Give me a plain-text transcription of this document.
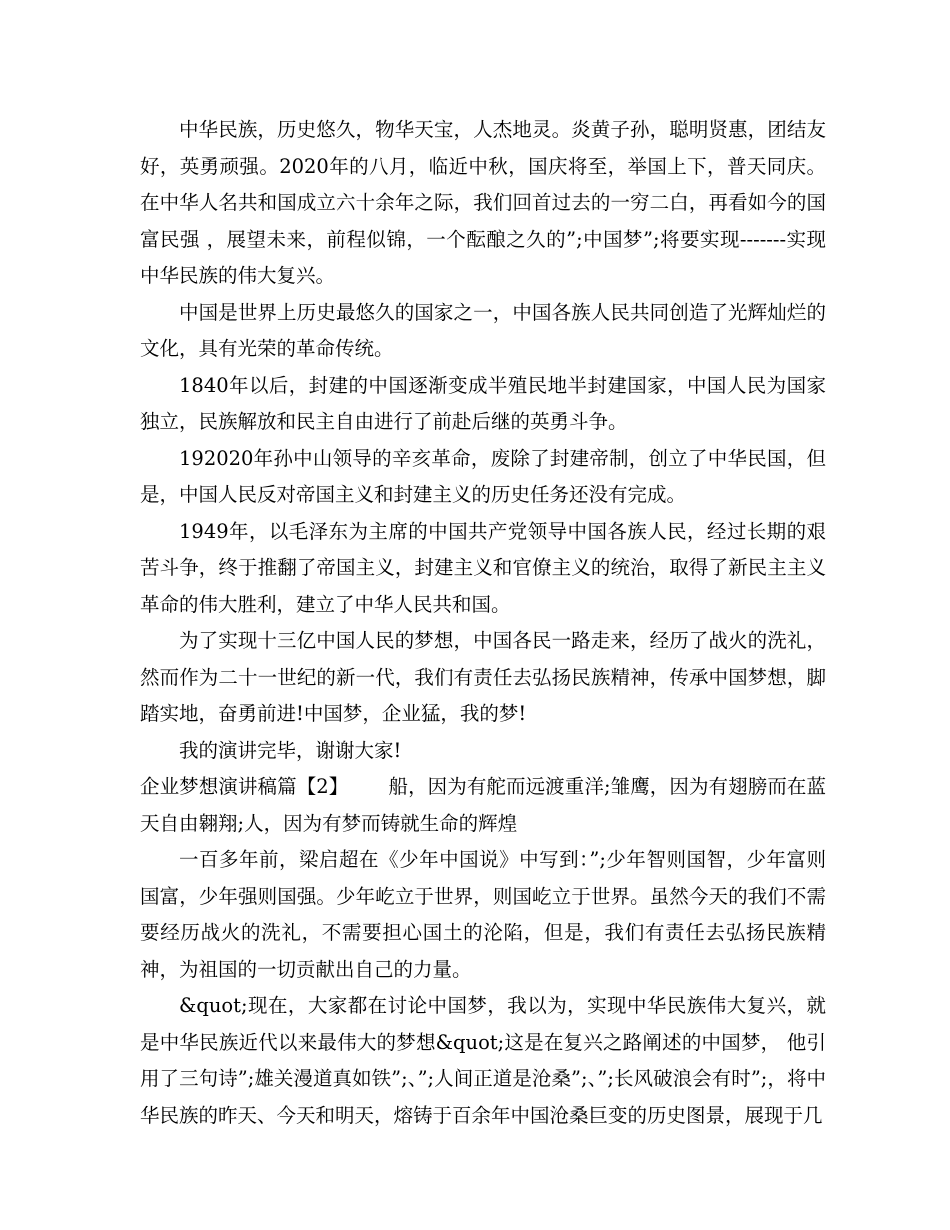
中华民族，历史悠久，物华天宝，人杰地灵。炎黄子孙，聪明贤惠，团结友好，英勇顽强。2020年的八月，临近中秋，国庆将至，举国上下，普天同庆。在中华人名共和国成立六十余年之际，我们回首过去的一穷二白，再看如今的国富民强 ，展望未来，前程似锦，一个酝酿之久的”;中国梦”;将要实现-------实现中华民族的伟大复兴。

中国是世界上历史最悠久的国家之一，中国各族人民共同创造了光辉灿烂的文化，具有光荣的革命传统。

1840年以后，封建的中国逐渐变成半殖民地半封建国家，中国人民为国家独立，民族解放和民主自由进行了前赴后继的英勇斗争。

192020年孙中山领导的辛亥革命，废除了封建帝制，创立了中华民国，但是，中国人民反对帝国主义和封建主义的历史任务还没有完成。

1949年，以毛泽东为主席的中国共产党领导中国各族人民，经过长期的艰苦斗争，终于推翻了帝国主义，封建主义和官僚主义的统治，取得了新民主主义革命的伟大胜利，建立了中华人民共和国。

为了实现十三亿中国人民的梦想，中国各民一路走来，经历了战火的洗礼，然而作为二十一世纪的新一代，我们有责任去弘扬民族精神，传承中国梦想，脚踏实地，奋勇前进!中国梦，企业猛，我的梦!

我的演讲完毕，谢谢大家!

企业梦想演讲稿篇【2】 船，因为有舵而远渡重洋;雏鹰，因为有翅膀而在蓝天自由翱翔;人，因为有梦而铸就生命的辉煌

一百多年前，梁启超在《少年中国说》中写到：”;少年智则国智，少年富则国富，少年强则国强。少年屹立于世界，则国屹立于世界。虽然今天的我们不需要经历战火的洗礼，不需要担心国土的沦陷，但是，我们有责任去弘扬民族精神，为祖国的一切贡献出自己的力量。

&quot;现在，大家都在讨论中国梦，我以为，实现中华民族伟大复兴，就是中华民族近代以来最伟大的梦想&quot;这是在复兴之路阐述的中国梦， 他引用了三句诗”;雄关漫道真如铁”;、”;人间正道是沧桑”;、”;长风破浪会有时”;，将中华民族的昨天、今天和明天，熔铸于百余年中国沧桑巨变的历史图景，展现于几
